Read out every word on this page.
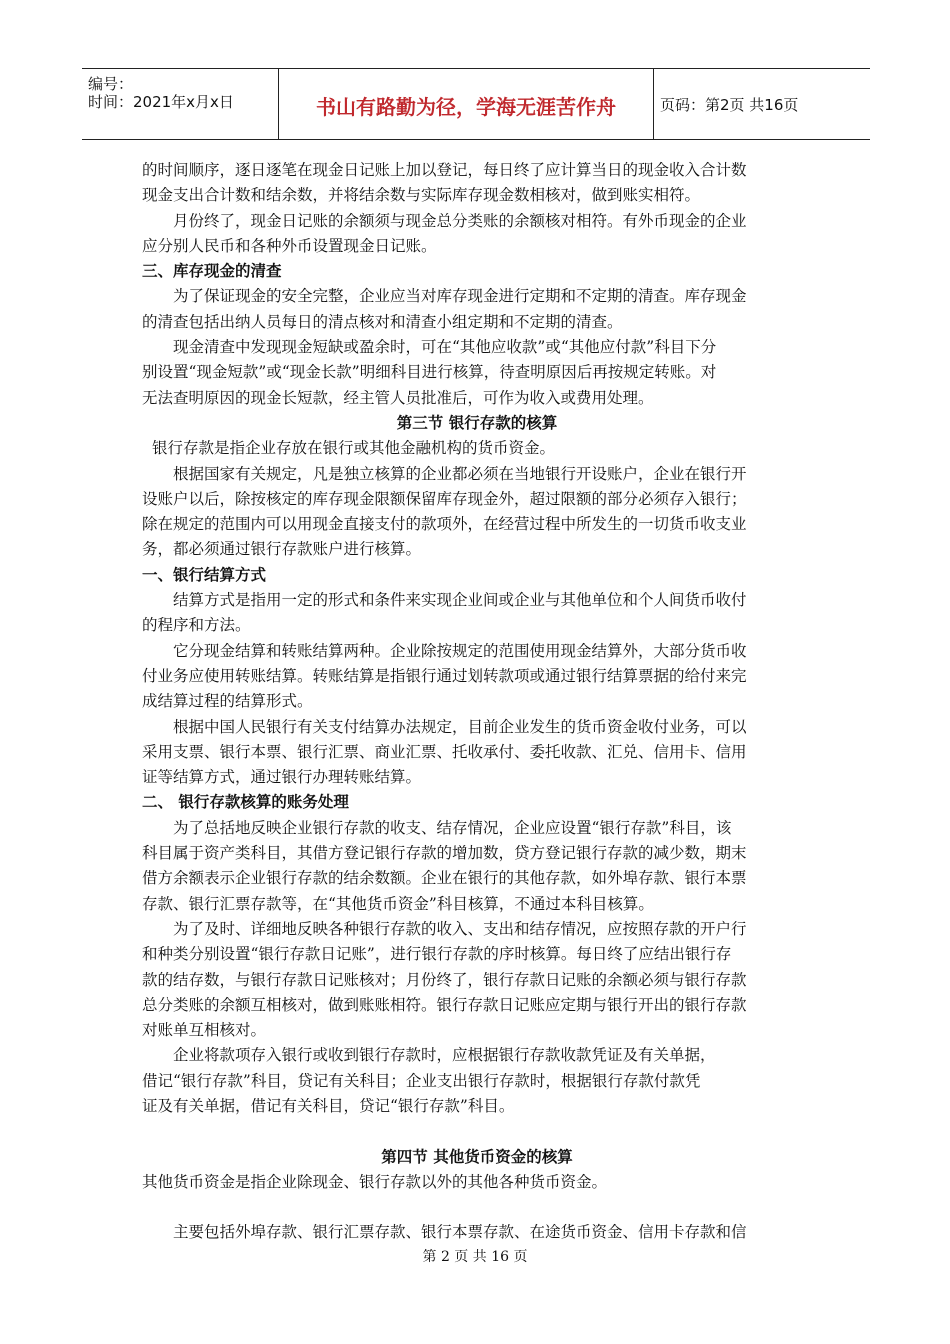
编号：
时间：2021年x月x日	书山有路勤为径，学海无涯苦作舟	页码：第2页 共16页
的时间顺序，逐日逐笔在现金日记账上加以登记，每日终了应计算当日的现金收入合计数
现金支出合计数和结余数，并将结余数与实际库存现金数相核对，做到账实相符。
月份终了，现金日记账的余额须与现金总分类账的余额核对相符。有外币现金的企业
应分别人民币和各种外币设置现金日记账。
三、库存现金的清查
为了保证现金的安全完整，企业应当对库存现金进行定期和不定期的清查。库存现金
的清查包括出纳人员每日的清点核对和清查小组定期和不定期的清查。
现金清查中发现现金短缺或盈余时，可在“其他应收款”或“其他应付款”科目下分
别设置“现金短款”或“现金长款”明细科目进行核算，待查明原因后再按规定转账。对
无法查明原因的现金长短款，经主管人员批准后，可作为收入或费用处理。
第三节 银行存款的核算
银行存款是指企业存放在银行或其他金融机构的货币资金。
根据国家有关规定，凡是独立核算的企业都必须在当地银行开设账户，企业在银行开
设账户以后，除按核定的库存现金限额保留库存现金外，超过限额的部分必须存入银行；
除在规定的范围内可以用现金直接支付的款项外，在经营过程中所发生的一切货币收支业
务，都必须通过银行存款账户进行核算。
一、银行结算方式
结算方式是指用一定的形式和条件来实现企业间或企业与其他单位和个人间货币收付
的程序和方法。
它分现金结算和转账结算两种。企业除按规定的范围使用现金结算外，大部分货币收
付业务应使用转账结算。转账结算是指银行通过划转款项或通过银行结算票据的给付来完
成结算过程的结算形式。
根据中国人民银行有关支付结算办法规定，目前企业发生的货币资金收付业务，可以
采用支票、银行本票、银行汇票、商业汇票、托收承付、委托收款、汇兑、信用卡、信用
证等结算方式，通过银行办理转账结算。
二、 银行存款核算的账务处理
为了总括地反映企业银行存款的收支、结存情况，企业应设置“银行存款”科目，该
科目属于资产类科目，其借方登记银行存款的增加数，贷方登记银行存款的减少数，期末
借方余额表示企业银行存款的结余数额。企业在银行的其他存款，如外埠存款、银行本票
存款、银行汇票存款等，在“其他货币资金”科目核算，不通过本科目核算。
为了及时、详细地反映各种银行存款的收入、支出和结存情况，应按照存款的开户行
和种类分别设置“银行存款日记账”，进行银行存款的序时核算。每日终了应结出银行存
款的结存数，与银行存款日记账核对；月份终了，银行存款日记账的余额必须与银行存款
总分类账的余额互相核对，做到账账相符。银行存款日记账应定期与银行开出的银行存款
对账单互相核对。
企业将款项存入银行或收到银行存款时，应根据银行存款收款凭证及有关单据，
借记“银行存款”科目，贷记有关科目；企业支出银行存款时，根据银行存款付款凭
证及有关单据，借记有关科目，贷记“银行存款”科目。
第四节 其他货币资金的核算
其他货币资金是指企业除现金、银行存款以外的其他各种货币资金。
主要包括外埠存款、银行汇票存款、银行本票存款、在途货币资金、信用卡存款和信
第 2 页 共 16 页
